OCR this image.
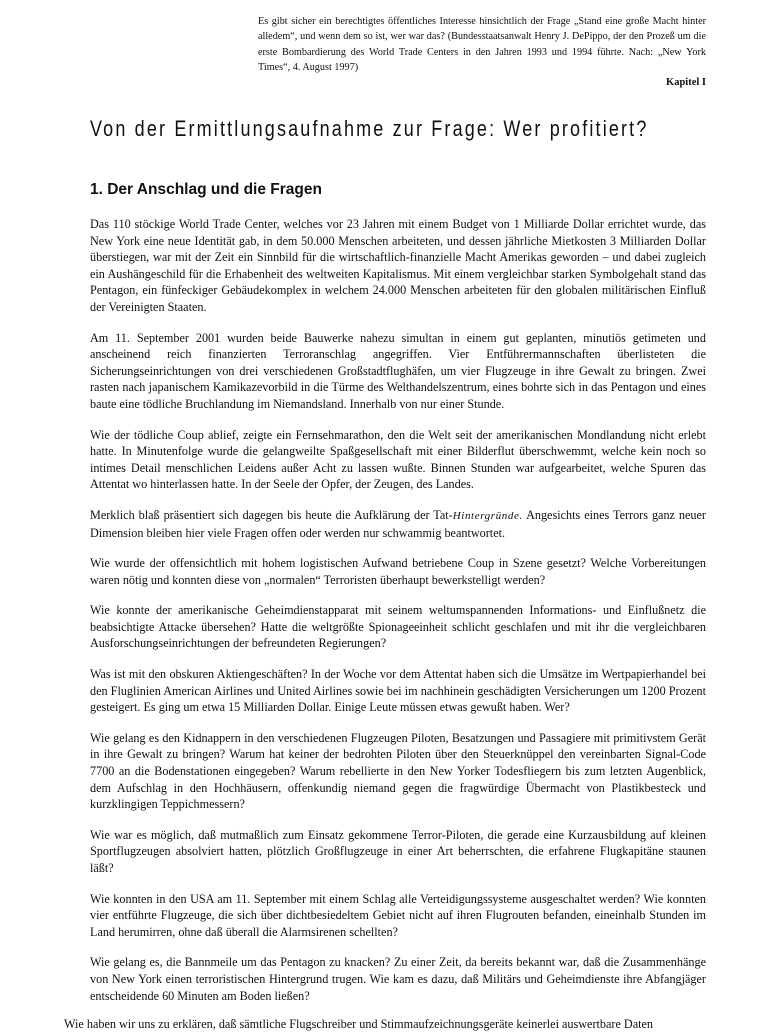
Es gibt sicher ein berechtigtes öffentliches Interesse hinsichtlich der Frage „Stand eine große Macht hinter alledem“, und wenn dem so ist, wer war das? (Bundesstaatsanwalt Henry J. DePippo, der den Prozeß um die erste Bombardierung des World Trade Centers in den Jahren 1993 und 1994 führte. Nach: „New York Times“, 4. August 1997)
Kapitel I
Von der Ermittlungsaufnahme zur Frage: Wer profitiert?
1. Der Anschlag und die Fragen

Das 110 stöckige World Trade Center, welches vor 23 Jahren mit einem Budget von 1 Milliarde Dollar errichtet wurde, das New York eine neue Identität gab, in dem 50.000 Menschen arbeiteten, und dessen jährliche Mietkosten 3 Milliarden Dollar überstiegen, war mit der Zeit ein Sinnbild für die wirtschaftlich-finanzielle Macht Amerikas geworden – und dabei zugleich ein Aushängeschild für die Erhabenheit des weltweiten Kapitalismus. Mit einem vergleichbar starken Symbolgehalt stand das Pentagon, ein fünfeckiger Gebäudekomplex in welchem 24.000 Menschen arbeiteten für den globalen militärischen Einfluß der Vereinigten Staaten.

Am 11. September 2001 wurden beide Bauwerke nahezu simultan in einem gut geplanten, minutiös getimeten und anscheinend reich finanzierten Terroranschlag angegriffen. Vier Entführermannschaften überlisteten die Sicherungseinrichtungen von drei verschiedenen Großstadtflughäfen, um vier Flugzeuge in ihre Gewalt zu bringen. Zwei rasten nach japanischem Kamikazevorbild in die Türme des Welthandelszentrum, eines bohrte sich in das Pentagon und eines baute eine tödliche Bruchlandung im Niemandsland. Innerhalb von nur einer Stunde.

Wie der tödliche Coup ablief, zeigte ein Fernsehmarathon, den die Welt seit der amerikanischen Mondlandung nicht erlebt hatte. In Minutenfolge wurde die gelangweilte Spaßgesellschaft mit einer Bilderflut überschwemmt, welche kein noch so intimes Detail menschlichen Leidens außer Acht zu lassen wußte. Binnen Stunden war aufgearbeitet, welche Spuren das Attentat wo hinterlassen hatte. In der Seele der Opfer, der Zeugen, des Landes.

Merklich blaß präsentiert sich dagegen bis heute die Aufklärung der Tat-Hintergründe. Angesichts eines Terrors ganz neuer Dimension bleiben hier viele Fragen offen oder werden nur schwammig beantwortet.

Wie wurde der offensichtlich mit hohem logistischen Aufwand betriebene Coup in Szene gesetzt? Welche Vorbereitungen waren nötig und konnten diese von „normalen“ Terroristen überhaupt bewerkstelligt werden?

Wie konnte der amerikanische Geheimdienstapparat mit seinem weltumspannenden Informations- und Einflußnetz die beabsichtigte Attacke übersehen? Hatte die weltgrößte Spionageeinheit schlicht geschlafen und mit ihr die vergleichbaren Ausforschungseinrichtungen der befreundeten Regierungen?

Was ist mit den obskuren Aktiengeschäften? In der Woche vor dem Attentat haben sich die Umsätze im Wertpapierhandel bei den Fluglinien American Airlines und United Airlines sowie bei im nachhinein geschädigten Versicherungen um 1200 Prozent gesteigert. Es ging um etwa 15 Milliarden Dollar. Einige Leute müssen etwas gewußt haben. Wer?

Wie gelang es den Kidnappern in den verschiedenen Flugzeugen Piloten, Besatzungen und Passagiere mit primitivstem Gerät in ihre Gewalt zu bringen? Warum hat keiner der bedrohten Piloten über den Steuerknüppel den vereinbarten Signal-Code 7700 an die Bodenstationen eingegeben? Warum rebellierte in den New Yorker Todesfliegern bis zum letzten Augenblick, dem Aufschlag in den Hochhäusern, offenkundig niemand gegen die fragwürdige Übermacht von Plastikbesteck und kurzklingigen Teppichmessern?

Wie war es möglich, daß mutmaßlich zum Einsatz gekommene Terror-Piloten, die gerade eine Kurzausbildung auf kleinen Sportflugzeugen absolviert hatten, plötzlich Großflugzeuge in einer Art beherrschten, die erfahrene Flugkapitäne staunen läßt?

Wie konnten in den USA am 11. September mit einem Schlag alle Verteidigungssysteme ausgeschaltet werden? Wie konnten vier entführte Flugzeuge, die sich über dichtbesiedeltem Gebiet nicht auf ihren Flugrouten befanden, eineinhalb Stunden im Land herumirren, ohne daß überall die Alarmsirenen schellten?

Wie gelang es, die Bannmeile um das Pentagon zu knacken? Zu einer Zeit, da bereits bekannt war, daß die Zusammenhänge von New York einen terroristischen Hintergrund trugen. Wie kam es dazu, daß Militärs und Geheimdienste ihre Abfangjäger entscheidende 60 Minuten am Boden ließen?

Wie haben wir uns zu erklären, daß sämtliche Flugschreiber und Stimmaufzeichnungsgeräte keinerlei auswertbare Daten
